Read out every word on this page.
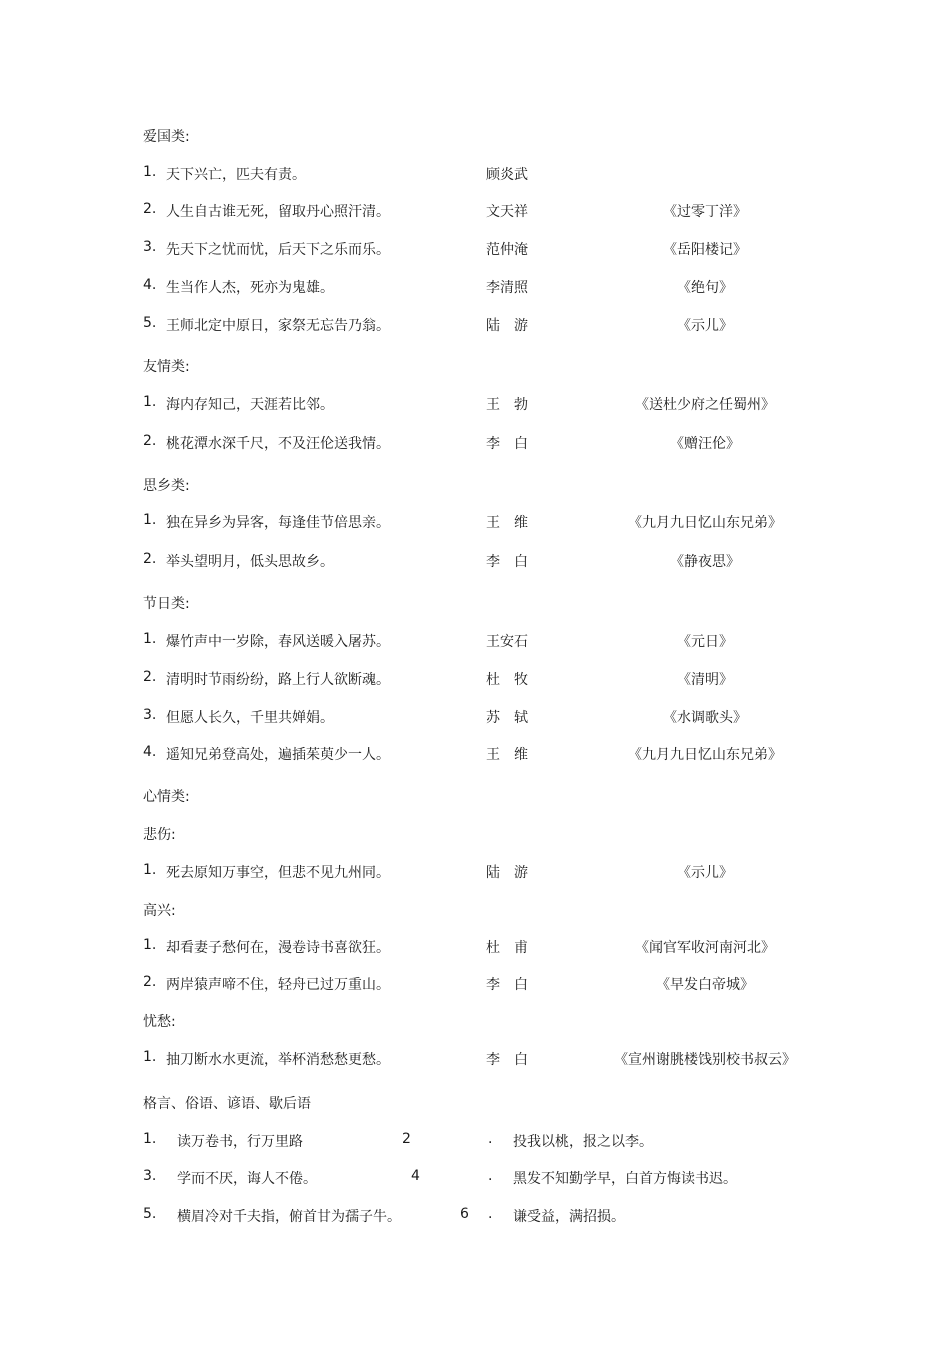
爱国类:
1. 天下兴亡，匹夫有责。	顾炎武
2. 人生自古谁无死，留取丹心照汗清。	文天祥	《过零丁洋》
3. 先天下之忧而忧，后天下之乐而乐。	范仲淹	《岳阳楼记》
4. 生当作人杰，死亦为鬼雄。	李清照	《绝句》
5. 王师北定中原日，家祭无忘告乃翁。	陆　游	《示儿》
友情类:
1. 海内存知己，天涯若比邻。	王　勃	《送杜少府之任蜀州》
2. 桃花潭水深千尺，不及汪伦送我情。	李　白	《赠汪伦》
思乡类:
1. 独在异乡为异客，每逢佳节倍思亲。	王　维	《九月九日忆山东兄弟》
2. 举头望明月，低头思故乡。	李　白	《静夜思》
节日类:
1. 爆竹声中一岁除，春风送暖入屠苏。	王安石	《元日》
2. 清明时节雨纷纷，路上行人欲断魂。	杜　牧	《清明》
3. 但愿人长久，千里共婵娟。	苏　轼	《水调歌头》
4. 遥知兄弟登高处，遍插茱萸少一人。	王　维	《九月九日忆山东兄弟》
心情类:
悲伤:
1. 死去原知万事空，但悲不见九州同。	陆　游	《示儿》
高兴:
1. 却看妻子愁何在，漫卷诗书喜欲狂。	杜　甫	《闻官军收河南河北》
2. 两岸猿声啼不住，轻舟已过万重山。	李　白	《早发白帝城》
忧愁:
1. 抽刀断水水更流，举杯消愁愁更愁。	李　白	《宣州谢朓楼饯别校书叔云》
格言、俗语、谚语、歇后语
1. 读万卷书，行万里路	2	. 投我以桃，报之以李。
3. 学而不厌，诲人不倦。	4	. 黑发不知勤学早，白首方悔读书迟。
5. 横眉冷对千夫指，俯首甘为孺子牛。	6 . 谦受益，满招损。
